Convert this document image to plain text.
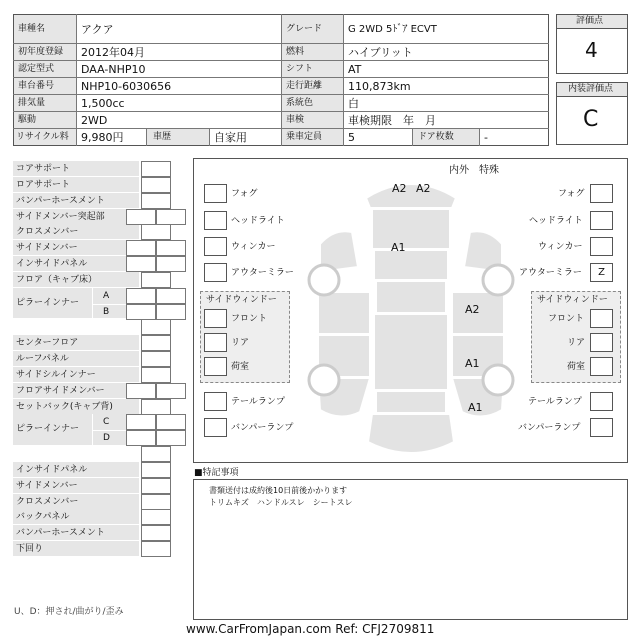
車種名	アクア	グレード	G 2WD 5ﾄﾞｱ ECVT
初年度登録 2012年04月	燃料	ハイブリット
認定型式 DAA-NHP10	シフト	AT
車台番号 NHP10-6030656	走行距離 110,873km
排気量	1,500cc	系統色	白
駆動	2WD	車検	車検期限　年　月
リサイクル料 9,980円	車歴	自家用	乗車定員 5	ドア枚数	-
評価点
4
内装評価点
C
コアサポート
ロアサポート
バンパーホースメント
サイドメンバー突起部
クロスメンバー
サイドメンバー
インサイドパネル
フロア（キャブ床）
ピラーインナー
センターフロア
ルーフパネル
サイドシルインナー
フロアサイドメンバー
セットバック(キャブ背)
ピラーインナー
インサイドパネル
サイドメンバー
クロスメンバー
バックパネル
バンパーホースメント
下回り
A
B
C
D
U、D：押され/曲がり/歪み
内外　特殊
フォグ
ヘッドライト
ウィンカー
アウターミラー
フォグ
ヘッドライト
ウィンカー
アウターミラー	Z
サイドウィンドー
フロント
リア
荷室
サイドウィンドー
フロント
リア
荷室
テールランプ
バンパーランプ
テールランプ
バンパーランプ
A2 A2
A1
A2
A1
A1
■特記事項
書類送付は成約後10日前後かかります
トリムキズ　ハンドルスレ　シートスレ
www.CarFromJapan.com Ref: CFJ2709811
